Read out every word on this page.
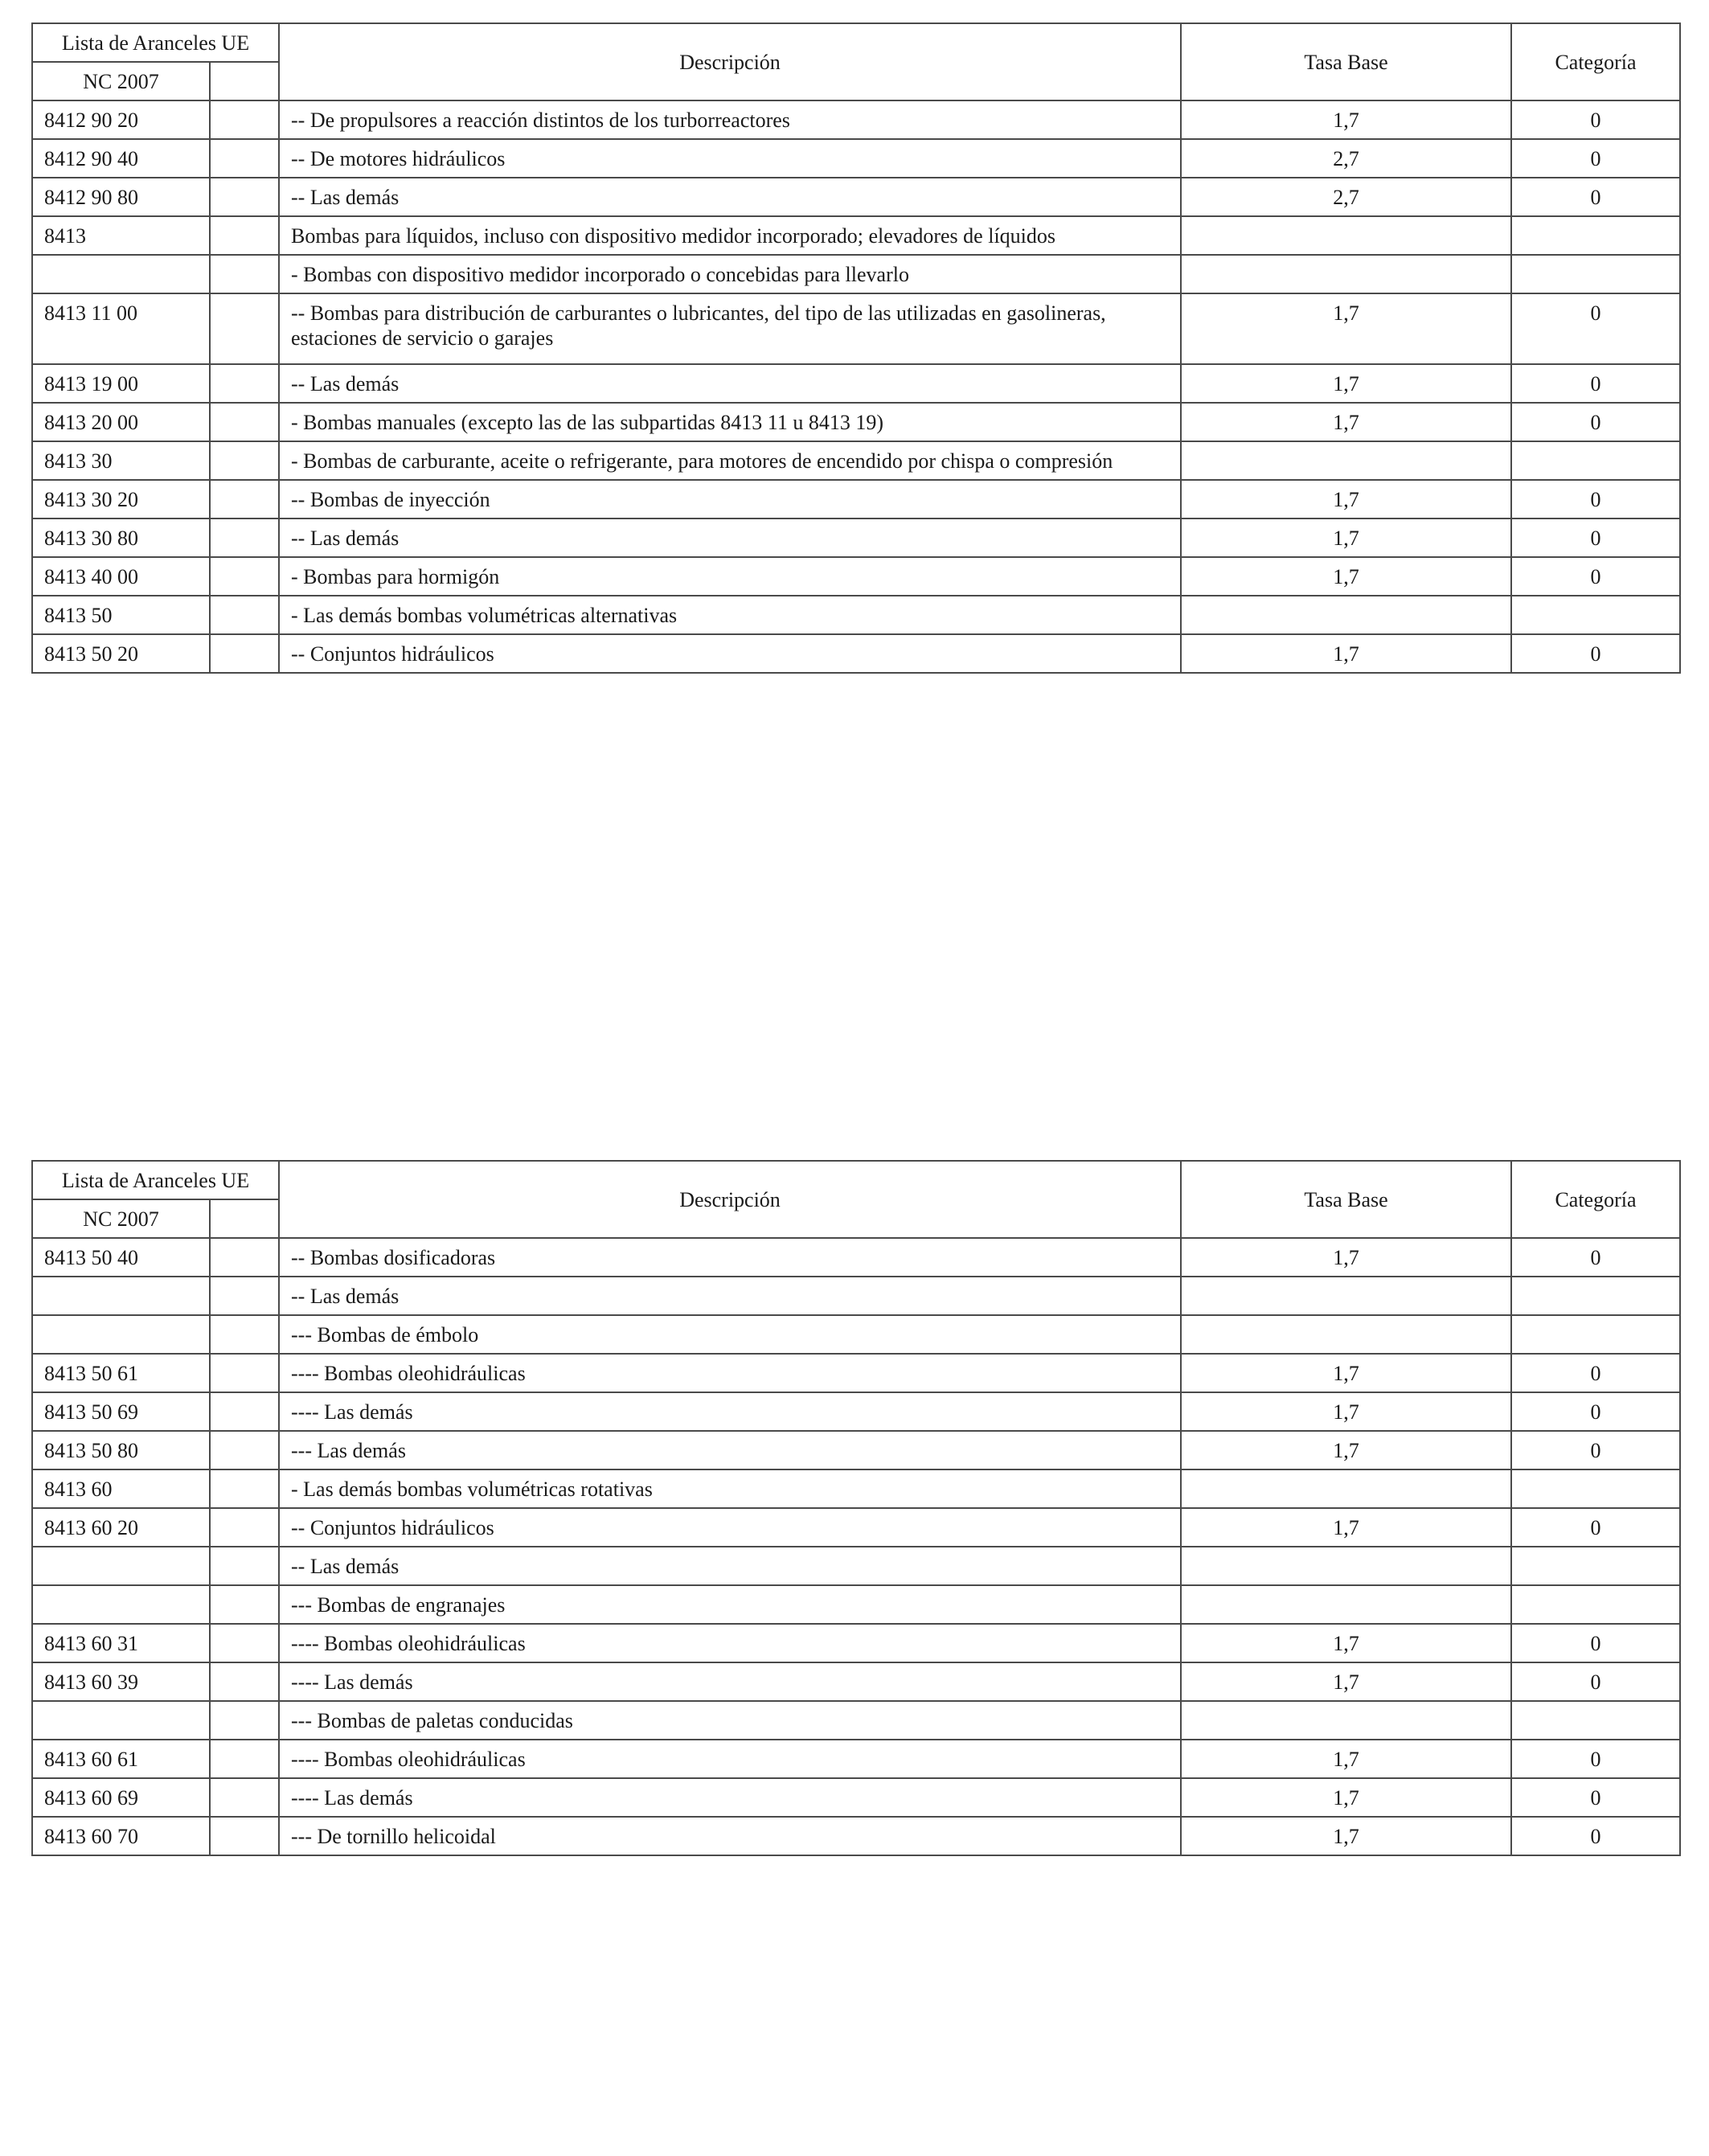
Lista de Aranceles UE		Descripción	Tasa Base	Categoría
NC 2007				
8412 90 20		-- De propulsores a reacción distintos de los turborreactores	1,7	0
8412 90 40		-- De motores hidráulicos	2,7	0
8412 90 80		-- Las demás	2,7	0
8413		Bombas para líquidos, incluso con dispositivo medidor incorporado; elevadores de líquidos		
		- Bombas con dispositivo medidor incorporado o concebidas para llevarlo		
8413 11 00		-- Bombas para distribución de carburantes o lubricantes, del tipo de las utilizadas en gasolineras, estaciones de servicio o garajes	1,7	0
8413 19 00		-- Las demás	1,7	0
8413 20 00		- Bombas manuales (excepto las de las subpartidas 8413 11 u 8413 19)	1,7	0
8413 30		- Bombas de carburante, aceite o refrigerante, para motores de encendido por chispa o compresión		
8413 30 20		-- Bombas de inyección	1,7	0
8413 30 80		-- Las demás	1,7	0
8413 40 00		- Bombas para hormigón	1,7	0
8413 50		- Las demás bombas volumétricas alternativas		
8413 50 20		-- Conjuntos hidráulicos	1,7	0
Lista de Aranceles UE		Descripción	Tasa Base	Categoría
NC 2007				
8413 50 40		-- Bombas dosificadoras	1,7	0
		-- Las demás		
		--- Bombas de émbolo		
8413 50 61		---- Bombas oleohidráulicas	1,7	0
8413 50 69		---- Las demás	1,7	0
8413 50 80		--- Las demás	1,7	0
8413 60		- Las demás bombas volumétricas rotativas		
8413 60 20		-- Conjuntos hidráulicos	1,7	0
		-- Las demás		
		--- Bombas de engranajes		
8413 60 31		---- Bombas oleohidráulicas	1,7	0
8413 60 39		---- Las demás	1,7	0
		--- Bombas de paletas conducidas		
8413 60 61		---- Bombas oleohidráulicas	1,7	0
8413 60 69		---- Las demás	1,7	0
8413 60 70		--- De tornillo helicoidal	1,7	0
